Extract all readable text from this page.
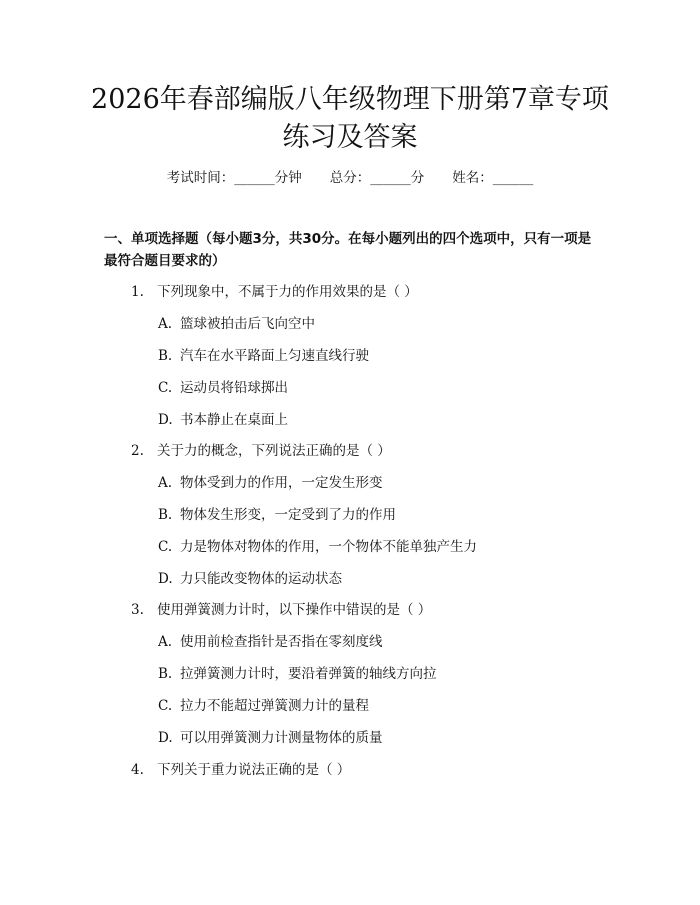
2026年春部编版八年级物理下册第7章专项
练习及答案
考试时间：______分钟 总分：______分 姓名：______
一、单项选择题（每小题3分，共30分。在每小题列出的四个选项中，只有一项是最符合题目要求的）
1. 下列现象中，不属于力的作用效果的是（ ）
A. 篮球被拍击后飞向空中
B. 汽车在水平路面上匀速直线行驶
C. 运动员将铅球掷出
D. 书本静止在桌面上
2. 关于力的概念，下列说法正确的是（ ）
A. 物体受到力的作用，一定发生形变
B. 物体发生形变，一定受到了力的作用
C. 力是物体对物体的作用，一个物体不能单独产生力
D. 力只能改变物体的运动状态
3. 使用弹簧测力计时，以下操作中错误的是（ ）
A. 使用前检查指针是否指在零刻度线
B. 拉弹簧测力计时，要沿着弹簧的轴线方向拉
C. 拉力不能超过弹簧测力计的量程
D. 可以用弹簧测力计测量物体的质量
4. 下列关于重力说法正确的是（ ）
